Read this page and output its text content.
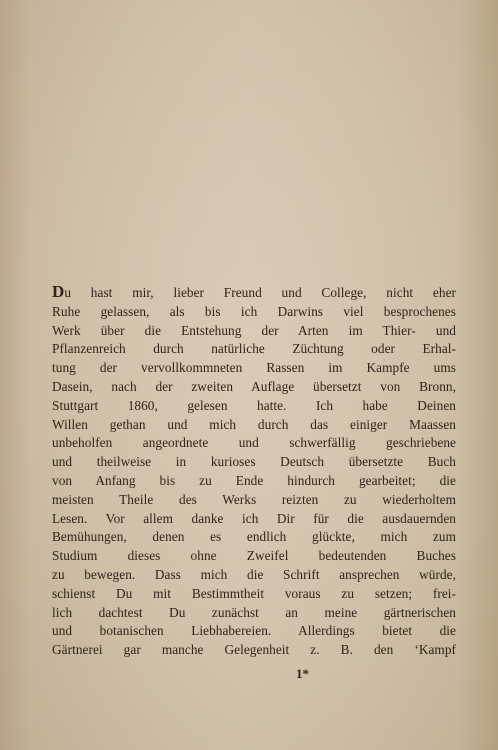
Du hast mir, lieber Freund und College, nicht eher
Ruhe gelassen, als bis ich Darwins viel besprochenes
Werk über die Entstehung der Arten im Thier- und
Pflanzenreich durch natürliche Züchtung oder Erhal-
tung der vervollkommneten Rassen im Kampfe ums
Dasein, nach der zweiten Auflage übersetzt von Bronn,
Stuttgart 1860, gelesen hatte. Ich habe Deinen
Willen gethan und mich durch das einiger Maassen
unbeholfen angeordnete und schwerfällig geschriebene
und theilweise in kurioses Deutsch übersetzte Buch
von Anfang bis zu Ende hindurch gearbeitet; die
meisten Theile des Werks reizten zu wiederholtem
Lesen. Vor allem danke ich Dir für die ausdauernden
Bemühungen, denen es endlich glückte, mich zum
Studium dieses ohne Zweifel bedeutenden Buches
zu bewegen. Dass mich die Schrift ansprechen würde,
schienst Du mit Bestimmtheit voraus zu setzen; frei-
lich dachtest Du zunächst an meine gärtnerischen
und botanischen Liebhabereien. Allerdings bietet die
Gärtnerei gar manche Gelegenheit z. B. den ‘Kampf
1*
